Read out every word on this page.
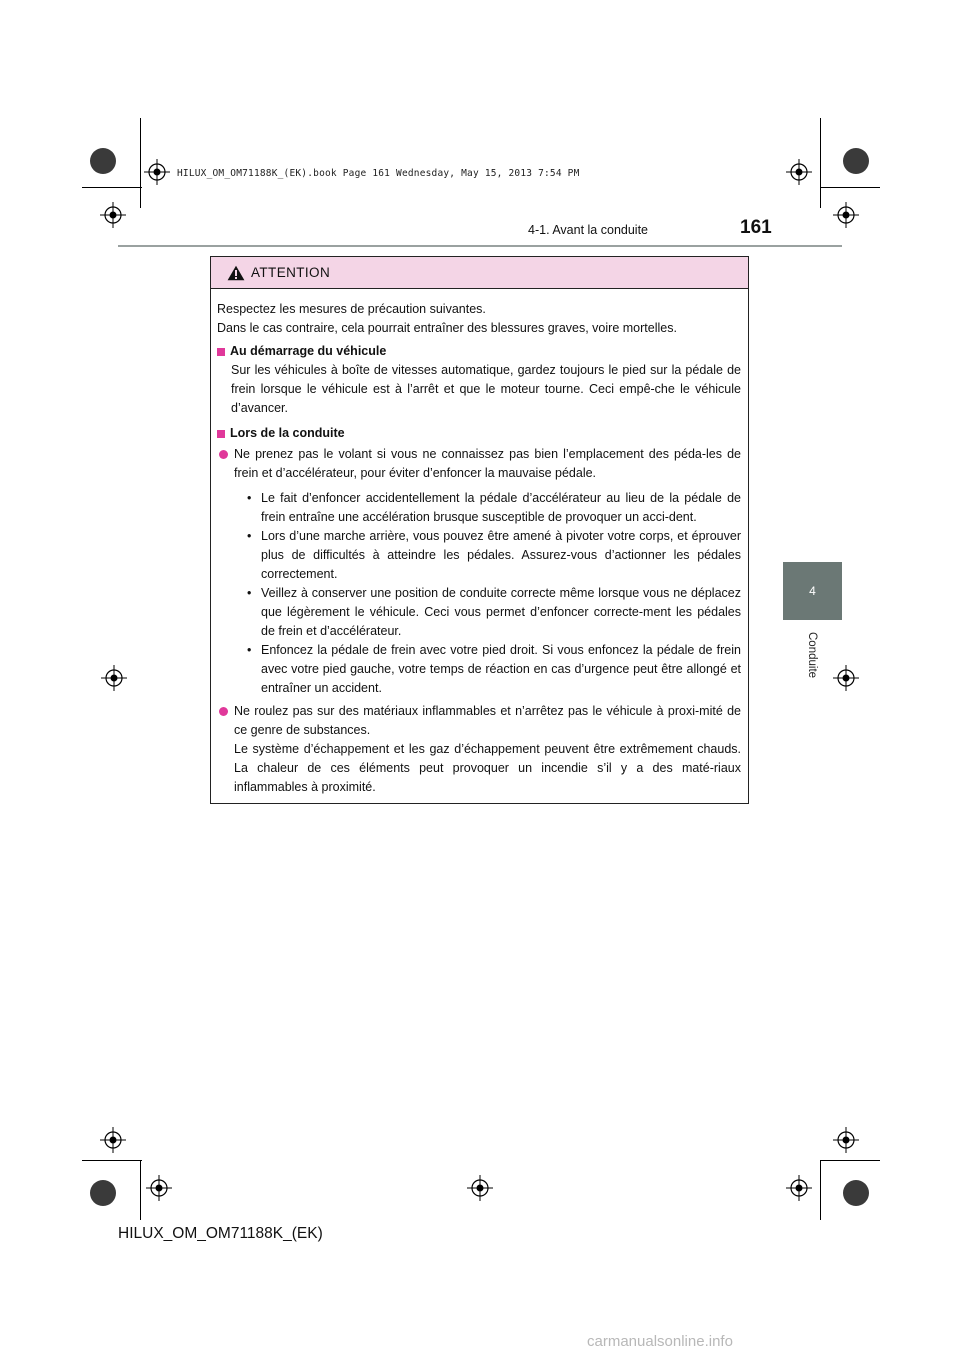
HILUX_OM_OM71188K_(EK).book Page 161 Wednesday, May 15, 2013 7:54 PM
4-1. Avant la conduite	161
4
Conduite
ATTENTION

Respectez les mesures de précaution suivantes.

Dans le cas contraire, cela pourrait entraîner des blessures graves, voire mortelles.

Au démarrage du véhicule

Sur les véhicules à boîte de vitesses automatique, gardez toujours le pied sur la pédale de frein lorsque le véhicule est à l’arrêt et que le moteur tourne. Ceci empê-che le véhicule d’avancer.

Lors de la conduite
Ne prenez pas le volant si vous ne connaissez pas bien l’emplacement des péda-les de frein et d’accélérateur, pour éviter d’enfoncer la mauvaise pédale.
• Le fait d’enfoncer accidentellement la pédale d’accélérateur au lieu de la pédale de frein entraîne une accélération brusque susceptible de provoquer un acci-dent.
• Lors d’une marche arrière, vous pouvez être amené à pivoter votre corps, et éprouver plus de difficultés à atteindre les pédales. Assurez-vous d’actionner les pédales correctement.
• Veillez à conserver une position de conduite correcte même lorsque vous ne déplacez que légèrement le véhicule. Ceci vous permet d’enfoncer correcte-ment les pédales de frein et d’accélérateur.
• Enfoncez la pédale de frein avec votre pied droit. Si vous enfoncez la pédale de frein avec votre pied gauche, votre temps de réaction en cas d’urgence peut être allongé et entraîner un accident.

Ne roulez pas sur des matériaux inflammables et n’arrêtez pas le véhicule à proxi-mité de ce genre de substances.

Le système d’échappement et les gaz d’échappement peuvent être extrêmement chauds. La chaleur de ces éléments peut provoquer un incendie s’il y a des maté-riaux inflammables à proximité.

HILUX_OM_OM71188K_(EK)
carmanualsonline.info
